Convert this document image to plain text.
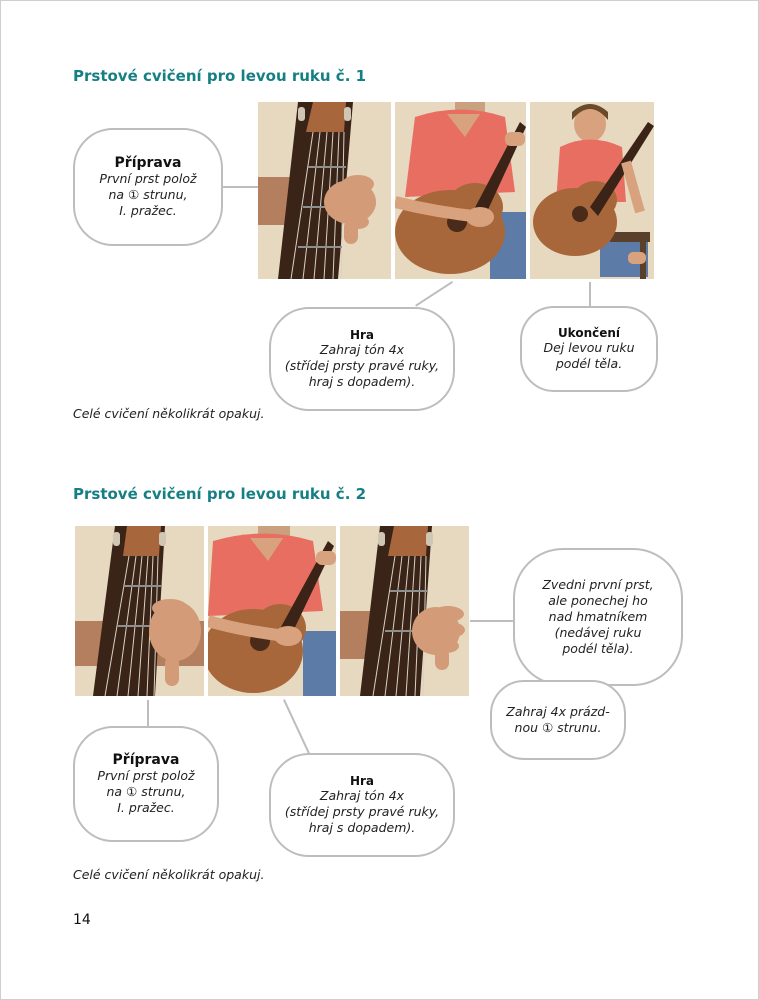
Prstové cvičení pro levou ruku č. 1
Příprava
První prst polož
na ① strunu,
I. pražec.
Hra
Zahraj tón 4x
(střídej prsty pravé ruky,
hraj s dopadem).
Ukončení
Dej levou ruku
podél těla.
Celé cvičení několikrát opakuj.
Prstové cvičení pro levou ruku č. 2
Příprava
První prst polož
na ① strunu,
I. pražec.
Hra
Zahraj tón 4x
(střídej prsty pravé ruky,
hraj s dopadem).
Zvedni první prst,
ale ponechej ho
nad hmatníkem
(nedávej ruku
podél těla).
Zahraj 4x prázd-
nou ① strunu.
Celé cvičení několikrát opakuj.
14
